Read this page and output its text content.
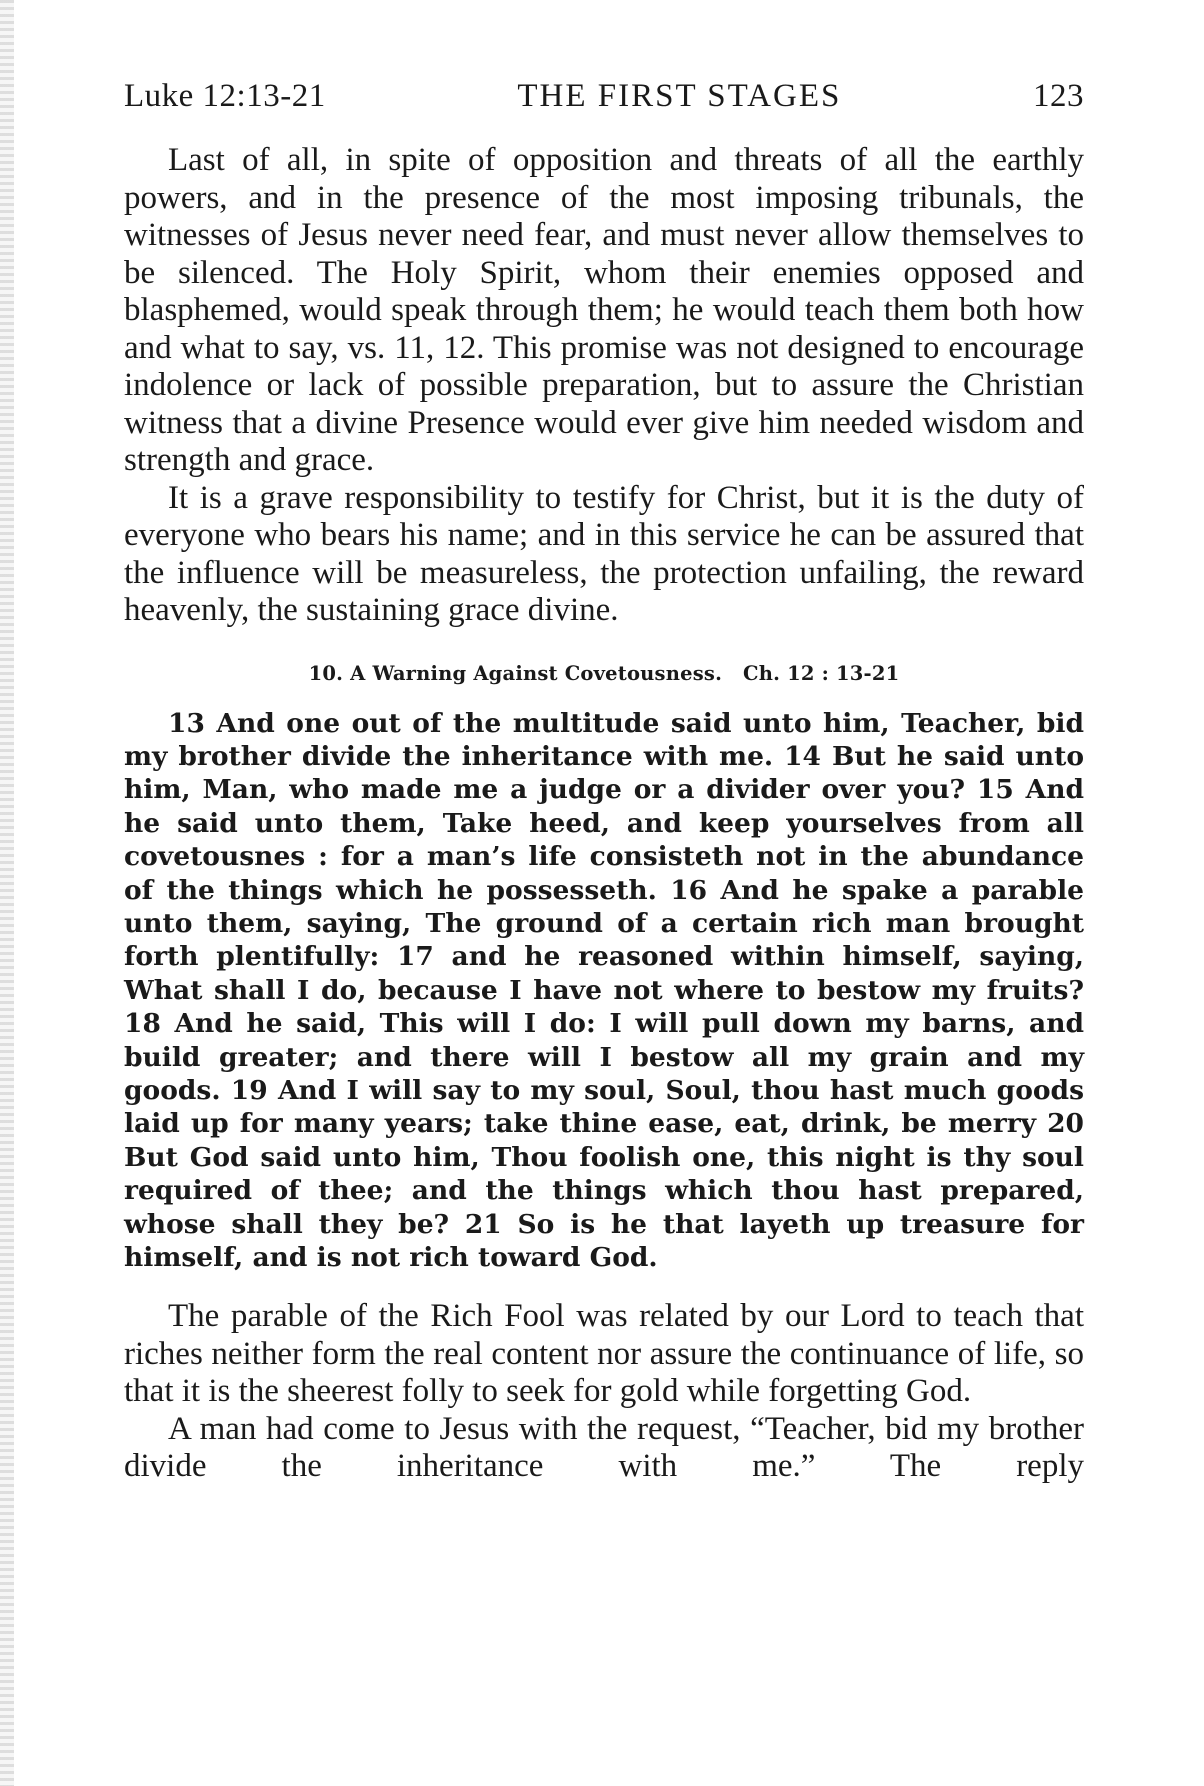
Luke 12:13-21	THE FIRST STAGES	123

Last of all, in spite of opposition and threats of all the earthly powers, and in the presence of the most imposing tribunals, the witnesses of Jesus never need fear, and must never allow themselves to be silenced. The Holy Spirit, whom their enemies opposed and blasphemed, would speak through them; he would teach them both how and what to say, vs. 11, 12. This promise was not designed to encourage indolence or lack of possible preparation, but to assure the Christian witness that a divine Presence would ever give him needed wisdom and strength and grace.

It is a grave responsibility to testify for Christ, but it is the duty of everyone who bears his name; and in this service he can be assured that the influence will be measureless, the protection unfailing, the reward heavenly, the sustaining grace divine.

10. A Warning Against Covetousness.   Ch. 12 : 13-21

13 And one out of the multitude said unto him, Teacher, bid my brother divide the inheritance with me. 14 But he said unto him, Man, who made me a judge or a divider over you? 15 And he said unto them, Take heed, and keep yourselves from all covetousnes : for a man’s life consisteth not in the abundance of the things which he possesseth. 16 And he spake a parable unto them, saying, The ground of a certain rich man brought forth plentifully: 17 and he reasoned within himself, saying, What shall I do, because I have not where to bestow my fruits? 18 And he said, This will I do: I will pull down my barns, and build greater; and there will I bestow all my grain and my goods. 19 And I will say to my soul, Soul, thou hast much goods laid up for many years; take thine ease, eat, drink, be merry 20 But God said unto him, Thou foolish one, this night is thy soul required of thee; and the things which thou hast prepared, whose shall they be? 21 So is he that layeth up treasure for himself, and is not rich toward God.

The parable of the Rich Fool was related by our Lord to teach that riches neither form the real content nor assure the continuance of life, so that it is the sheerest folly to seek for gold while forgetting God.

A man had come to Jesus with the request, “Teacher, bid my brother divide the inheritance with me.” The reply
